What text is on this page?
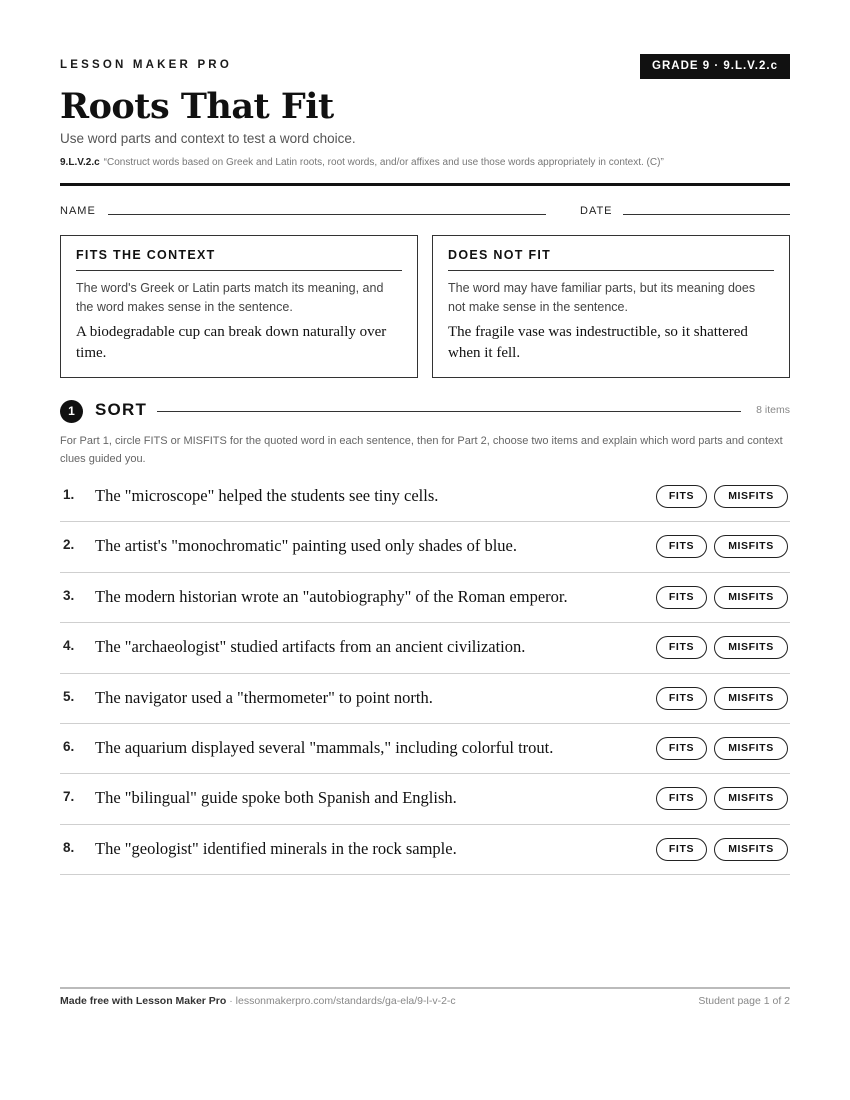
LESSON MAKER PRO	GRADE 9 · 9.L.V.2.c
Roots That Fit
Use word parts and context to test a word choice.
9.L.V.2.c “Construct words based on Greek and Latin roots, root words, and/or affixes and use those words appropriately in context. (C)”
NAME	DATE
FITS THE CONTEXT
The word's Greek or Latin parts match its meaning, and the word makes sense in the sentence.
A biodegradable cup can break down naturally over time.
DOES NOT FIT
The word may have familiar parts, but its meaning does not make sense in the sentence.
The fragile vase was indestructible, so it shattered when it fell.
1	SORT	8 items

For Part 1, circle FITS or MISFITS for the quoted word in each sentence, then for Part 2, choose two items and explain which word parts and context clues guided you.

1. The "microscope" helped the students see tiny cells.	FITS	MISFITS
2. The artist's "monochromatic" painting used only shades of blue.	FITS	MISFITS
3. The modern historian wrote an "autobiography" of the Roman emperor.	FITS	MISFITS
4. The "archaeologist" studied artifacts from an ancient civilization.	FITS	MISFITS
5. The navigator used a "thermometer" to point north.	FITS	MISFITS
6. The aquarium displayed several "mammals," including colorful trout.	FITS	MISFITS
7. The "bilingual" guide spoke both Spanish and English.	FITS	MISFITS
8. The "geologist" identified minerals in the rock sample.	FITS	MISFITS
Made free with Lesson Maker Pro · lessonmakerpro.com/standards/ga-ela/9-l-v-2-c	Student page 1 of 2
